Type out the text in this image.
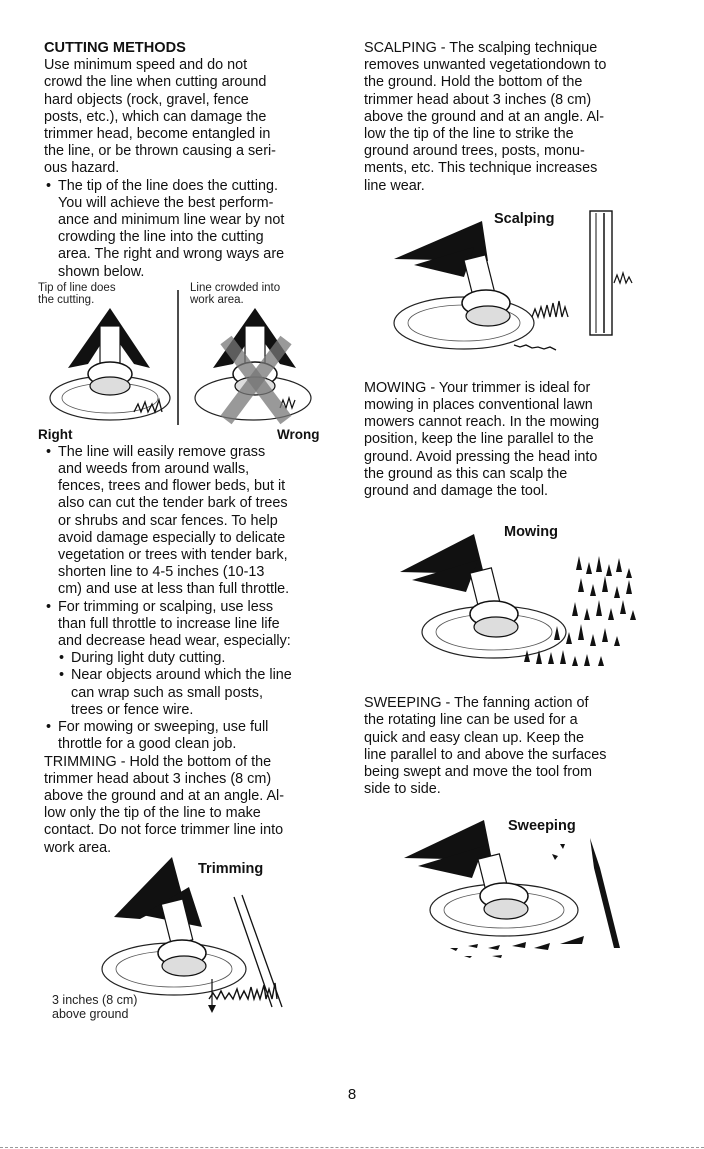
CUTTING METHODS

Use minimum speed and do not
crowd the line when cutting around
hard objects (rock, gravel, fence
posts, etc.), which can damage the
trimmer head, become entangled in
the line, or be thrown causing a seri-
ous hazard.
• The tip of the line does the cutting.
You will achieve the best perform-
ance and minimum line wear by not
crowding the line into the cutting
area. The right and wrong ways are
shown below.
Tip of line does
the cutting.
Line crowded into
work area.
Right	Wrong
• The line will easily remove grass
and weeds from around walls,
fences, trees and flower beds, but it
also can cut the tender bark of trees
or shrubs and scar fences. To help
avoid damage especially to delicate
vegetation or trees with tender bark,
shorten line to 4-5 inches (10-13
cm) and use at less than full throttle.
• For trimming or scalping, use less
than full throttle to increase line life
and decrease head wear, especially:
• During light duty cutting.
• Near objects around which the line
can wrap such as small posts,
trees or fence wire.
• For mowing or sweeping, use full
throttle for a good clean job.
TRIMMING - Hold the bottom of the
trimmer head about 3 inches (8 cm)
above the ground and at an angle. Al-
low only the tip of the line to make
contact. Do not force trimmer line into
work area.
Trimming
3 inches (8 cm)
above ground
SCALPING - The scalping technique
removes unwanted vegetationdown to
the ground. Hold the bottom of the
trimmer head about 3 inches (8 cm)
above the ground and at an angle. Al-
low the tip of the line to strike the
ground around trees, posts, monu-
ments, etc. This technique increases
line wear.
Scalping
MOWING - Your trimmer is ideal for
mowing in places conventional lawn
mowers cannot reach. In the mowing
position, keep the line parallel to the
ground. Avoid pressing the head into
the ground as this can scalp the
ground and damage the tool.
Mowing
SWEEPING - The fanning action of
the rotating line can be used for a
quick and easy clean up. Keep the
line parallel to and above the surfaces
being swept and move the tool from
side to side.
Sweeping
8
